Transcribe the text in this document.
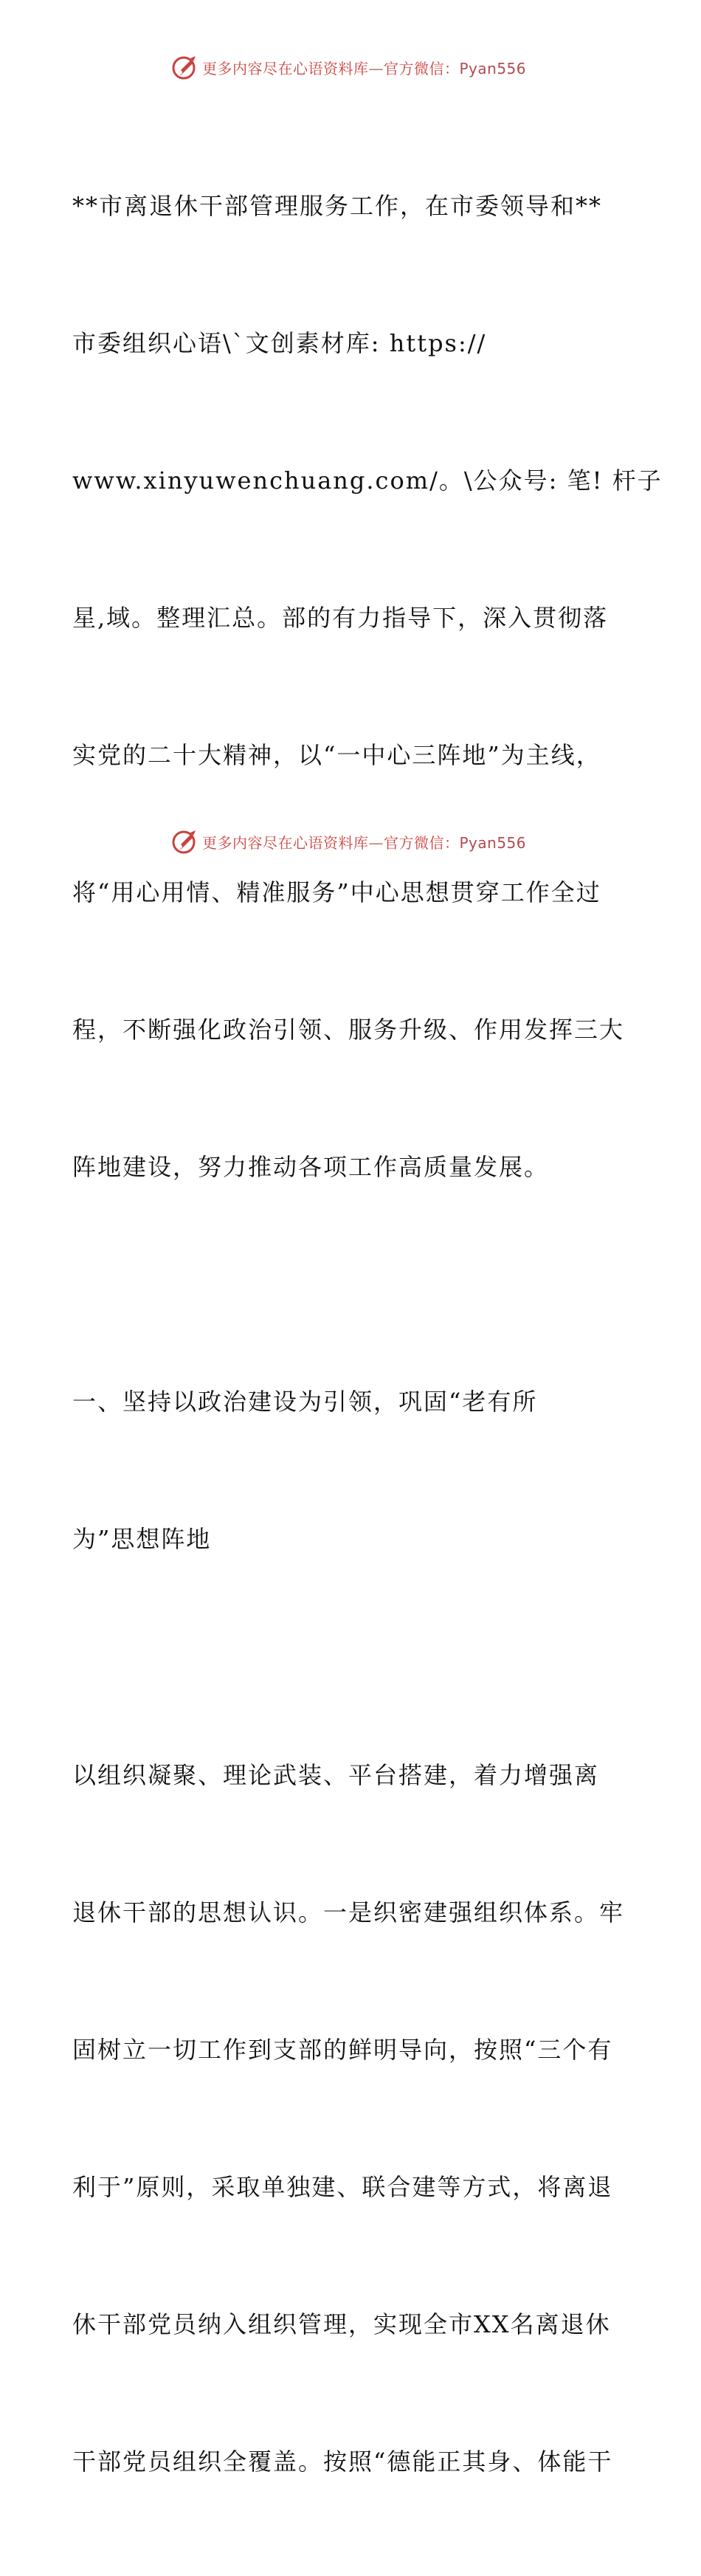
更多内容尽在心语资料库—官方微信：Pyan556

**市离退休干部管理服务工作，在市委领导和**

市委组织心语\`文创素材库: https://

www.xinyuwenchuang.com/。\公众号: 笔! 杆子

星,域。整理汇总。部的有力指导下，深入贯彻落

实党的二十大精神，以“一中心三阵地”为主线，

将“用心用情、精准服务”中心思想贯穿工作全过

程，不断强化政治引领、服务升级、作用发挥三大

阵地建设，努力推动各项工作高质量发展。

一、坚持以政治建设为引领，巩固“老有所

为”思想阵地

以组织凝聚、理论武装、平台搭建，着力增强离

退休干部的思想认识。一是织密建强组织体系。牢

固树立一切工作到支部的鲜明导向，按照“三个有

利于”原则，采取单独建、联合建等方式，将离退

休干部党员纳入组织管理，实现全市XX名离退休

干部党员组织全覆盖。按照“德能正其身、体能干

更多内容尽在心语资料库—官方微信：Pyan556
